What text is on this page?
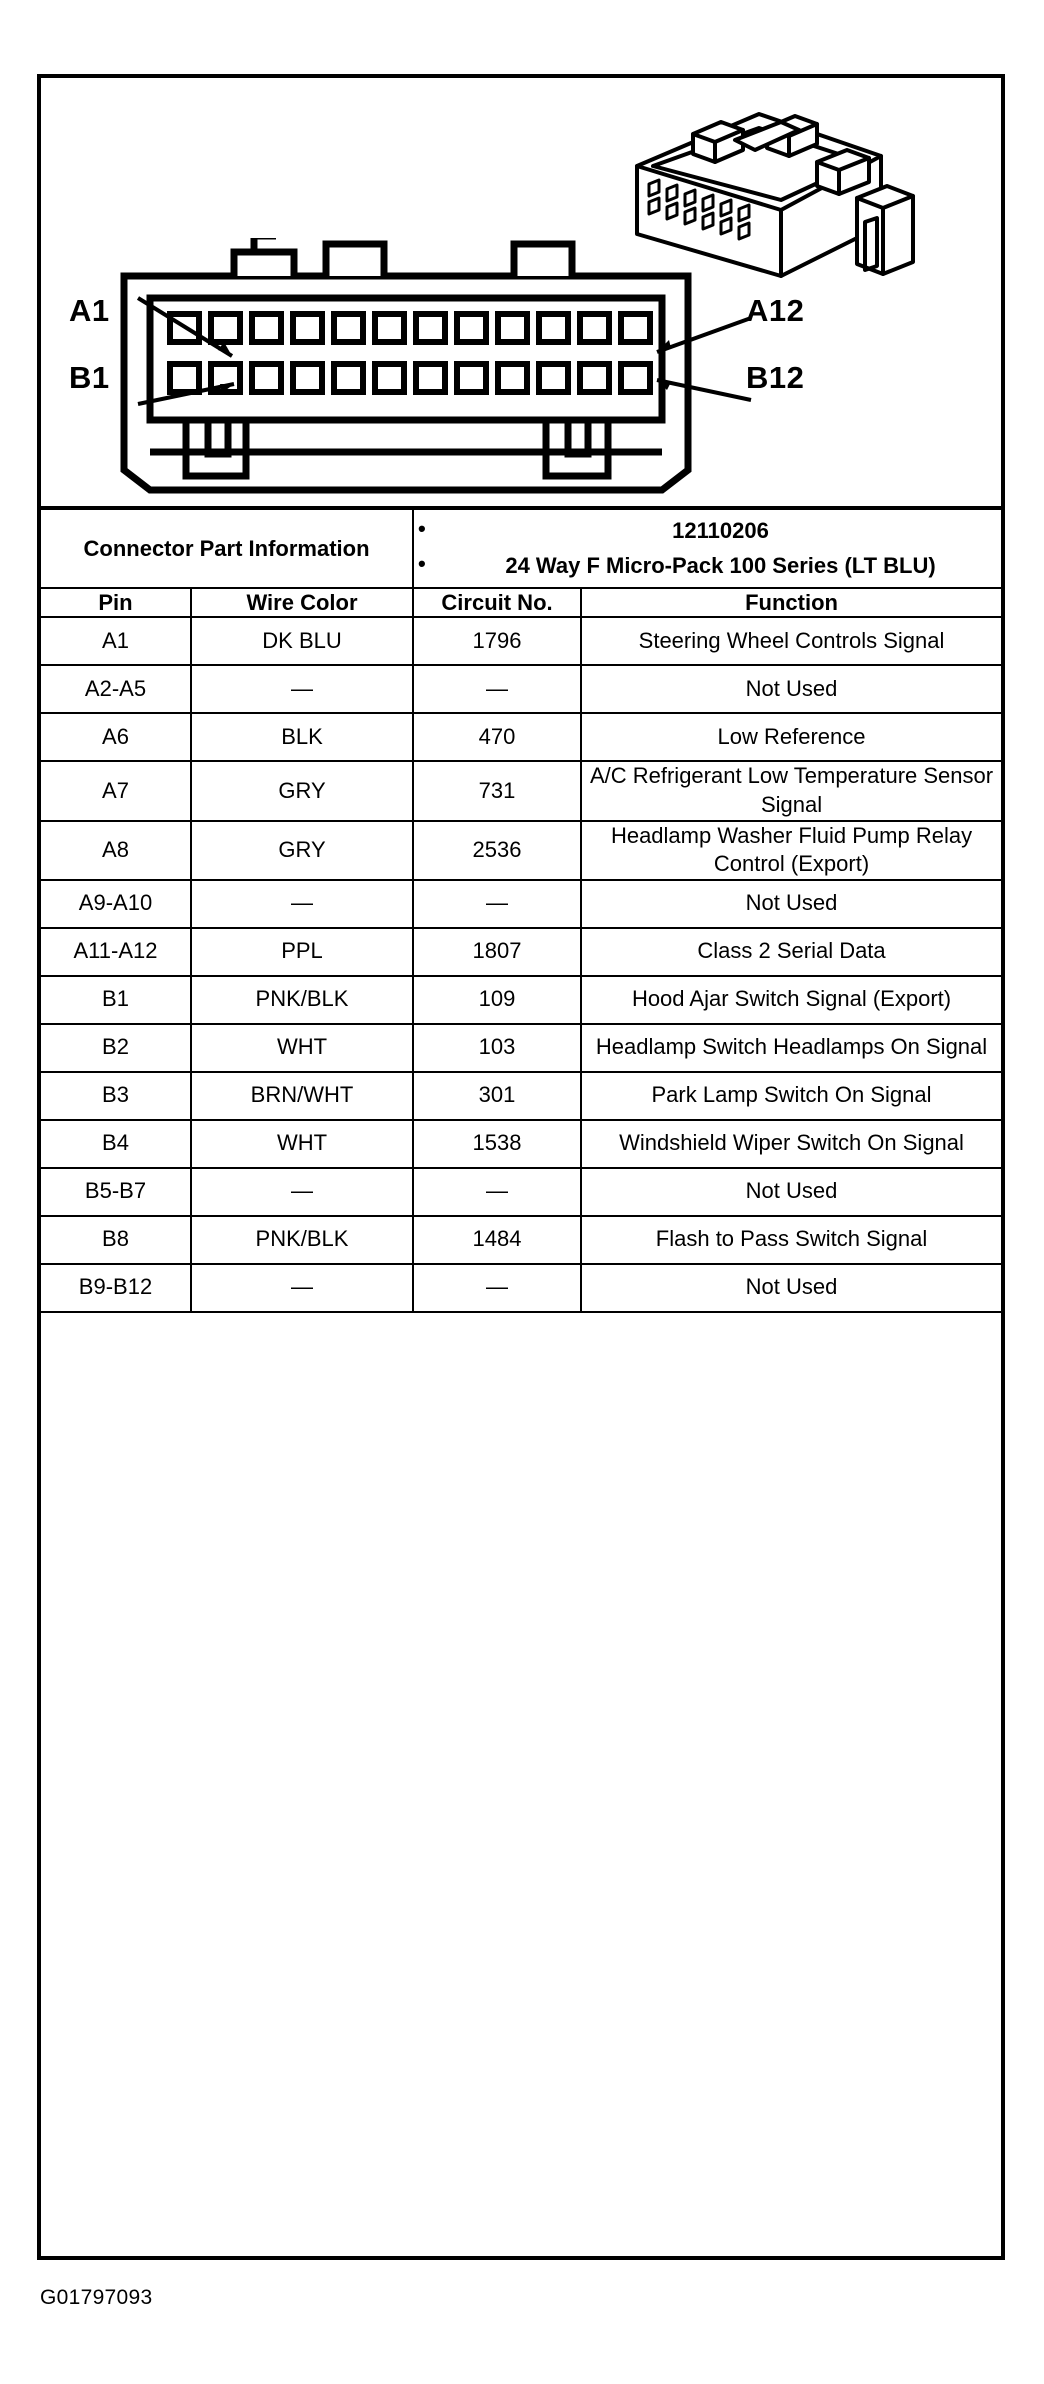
A1
B1
A12
B12
Connector Part Information	
• 12110206
• 24 Way F Micro-Pack 100 Series (LT BLU)

Pin	Wire Color	Circuit No.	Function
A1	DK BLU	1796	Steering Wheel Controls Signal
A2-A5	—	—	Not Used
A6	BLK	470	Low Reference
A7	GRY	731	A/C Refrigerant Low Temperature Sensor Signal
A8	GRY	2536	Headlamp Washer Fluid Pump Relay Control (Export)
A9-A10	—	—	Not Used
A11-A12	PPL	1807	Class 2 Serial Data
B1	PNK/BLK	109	Hood Ajar Switch Signal (Export)
B2	WHT	103	Headlamp Switch Headlamps On Signal
B3	BRN/WHT	301	Park Lamp Switch On Signal
B4	WHT	1538	Windshield Wiper Switch On Signal
B5-B7	—	—	Not Used
B8	PNK/BLK	1484	Flash to Pass Switch Signal
B9-B12	—	—	Not Used
G01797093
